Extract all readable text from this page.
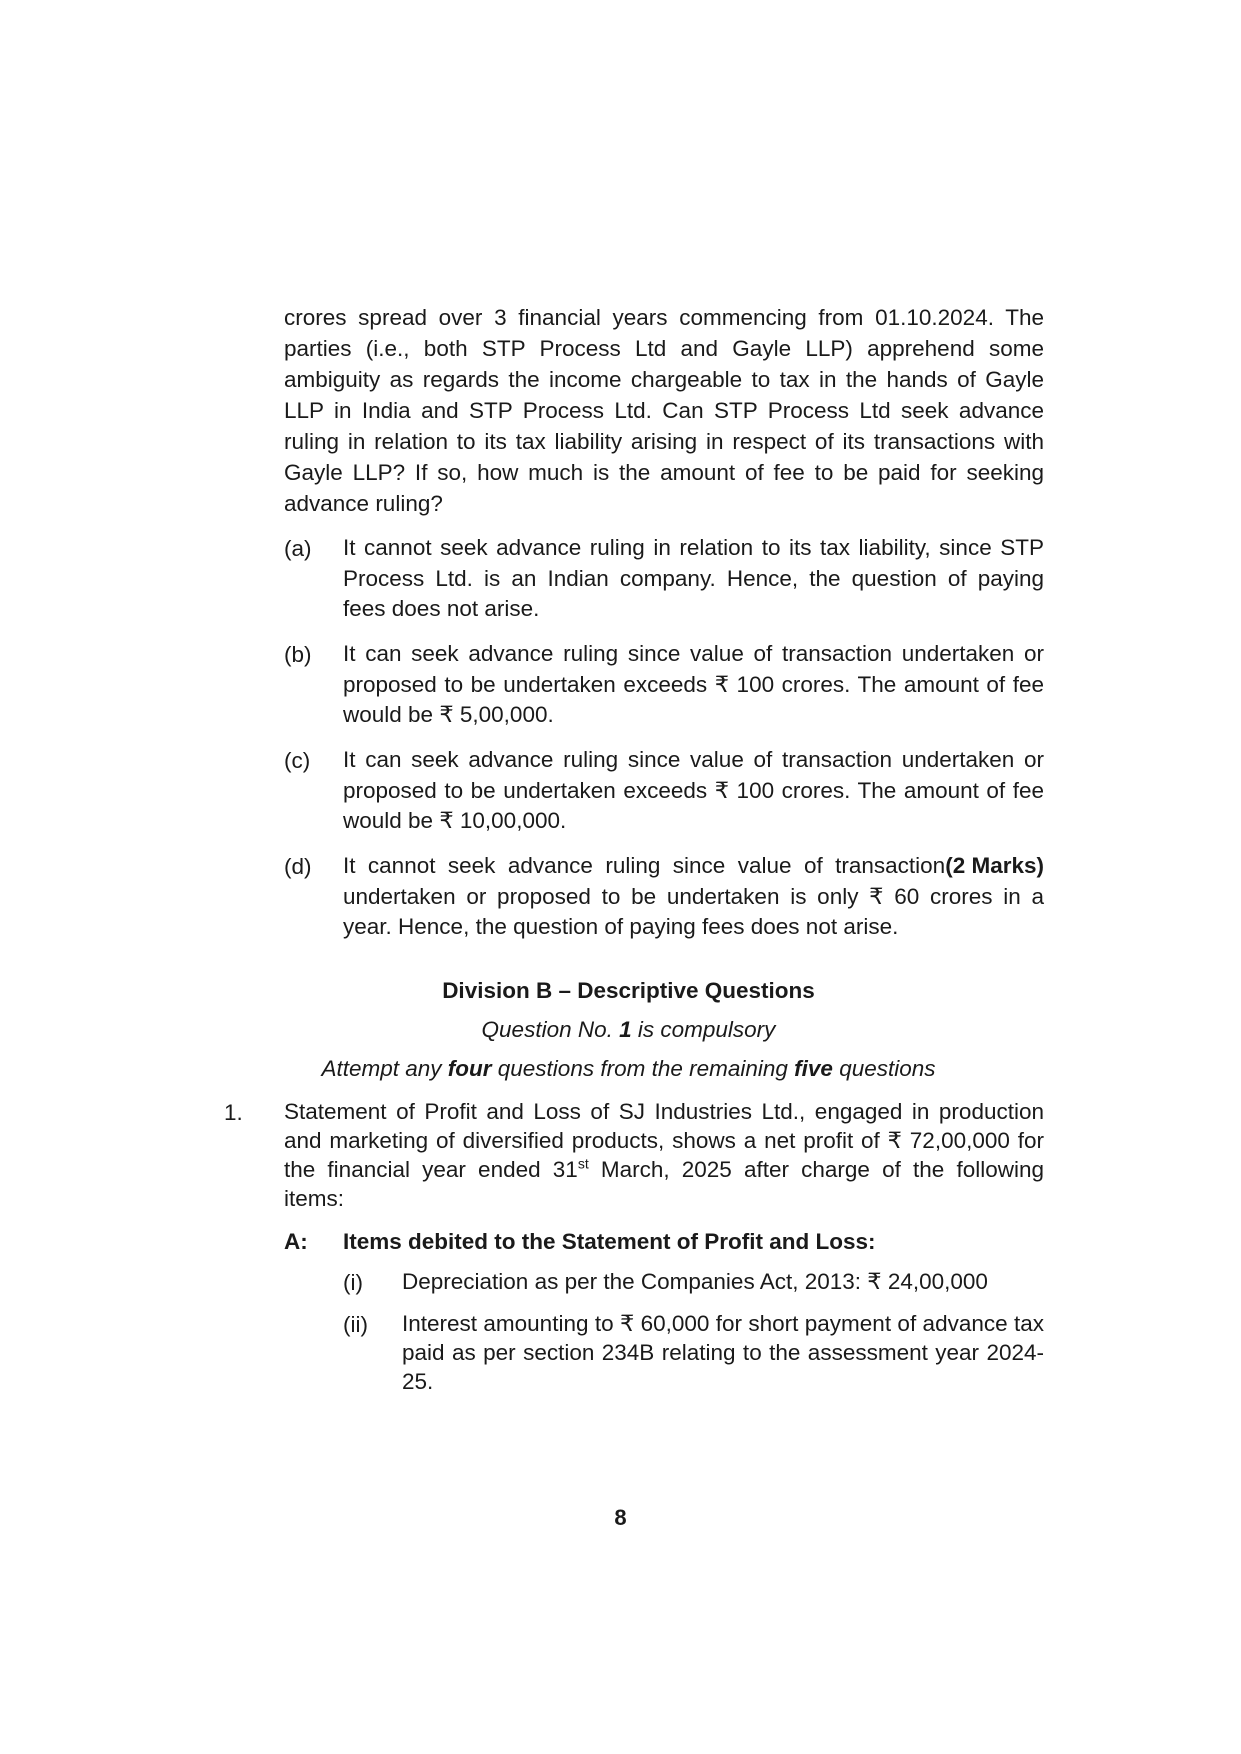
crores spread over 3 financial years commencing from 01.10.2024. The parties (i.e., both STP Process Ltd and Gayle LLP) apprehend some ambiguity as regards the income chargeable to tax in the hands of Gayle LLP in India and STP Process Ltd. Can STP Process Ltd seek advance ruling in relation to its tax liability arising in respect of its transactions with Gayle LLP? If so, how much is the amount of fee to be paid for seeking advance ruling?
(a)	It cannot seek advance ruling in relation to its tax liability, since STP Process Ltd. is an Indian company. Hence, the question of paying fees does not arise.
(b)	It can seek advance ruling since value of transaction undertaken or proposed to be undertaken exceeds ₹ 100 crores. The amount of fee would be ₹ 5,00,000.
(c)	It can seek advance ruling since value of transaction undertaken or proposed to be undertaken exceeds ₹ 100 crores. The amount of fee would be ₹ 10,00,000.
(d)	(2 Marks)
It cannot seek advance ruling since value of transaction undertaken or proposed to be undertaken is only ₹ 60 crores in a year. Hence, the question of paying fees does not arise.
Division B – Descriptive Questions
Question No. 1 is compulsory
Attempt any four questions from the remaining five questions
1. Statement of Profit and Loss of SJ Industries Ltd., engaged in production and marketing of diversified products, shows a net profit of ₹ 72,00,000 for the financial year ended 31st March, 2025 after charge of the following items:
A: Items debited to the Statement of Profit and Loss:
(i) Depreciation as per the Companies Act, 2013: ₹ 24,00,000
(ii) Interest amounting to ₹ 60,000 for short payment of advance tax paid as per section 234B relating to the assessment year 2024-25.
8
